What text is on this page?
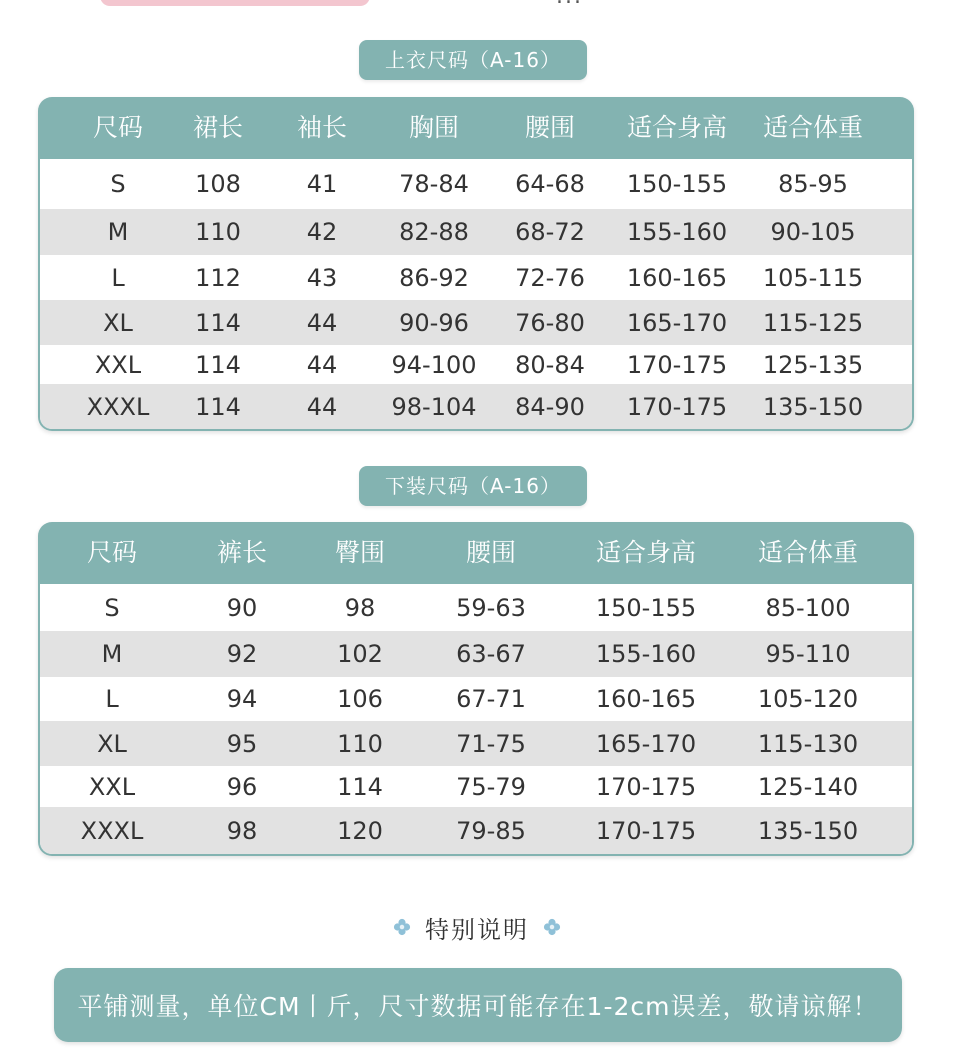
上衣尺码（A-16）
尺码 裙长 袖长 胸围	腰围 适合身高 适合体重
S	108	41	78-84 64-68 150-155 85-95
M	110	42	82-88 68-72 155-160 90-105
L	112	43	86-92 72-76 160-165 105-115
XL	114	44	90-96 76-80 165-170 115-125
XXL 114	44 94-100 80-84 170-175 125-135
XXXL 114	44 98-104 84-90 170-175 135-150
下装尺码（A-16）
尺码	裤长	臀围	腰围	适合身高 适合体重
S	90	98	59-63	150-155	85-100
M	92	102	63-67	155-160	95-110
L	94	106	67-71	160-165	105-120
XL	95	110	71-75	165-170	115-130
XXL	96	114	75-79	170-175	125-140
XXXL	98	120	79-85	170-175	135-150
特别说明
平铺测量，单位CM丨斤，尺寸数据可能存在1-2cm误差，敬请谅解！
